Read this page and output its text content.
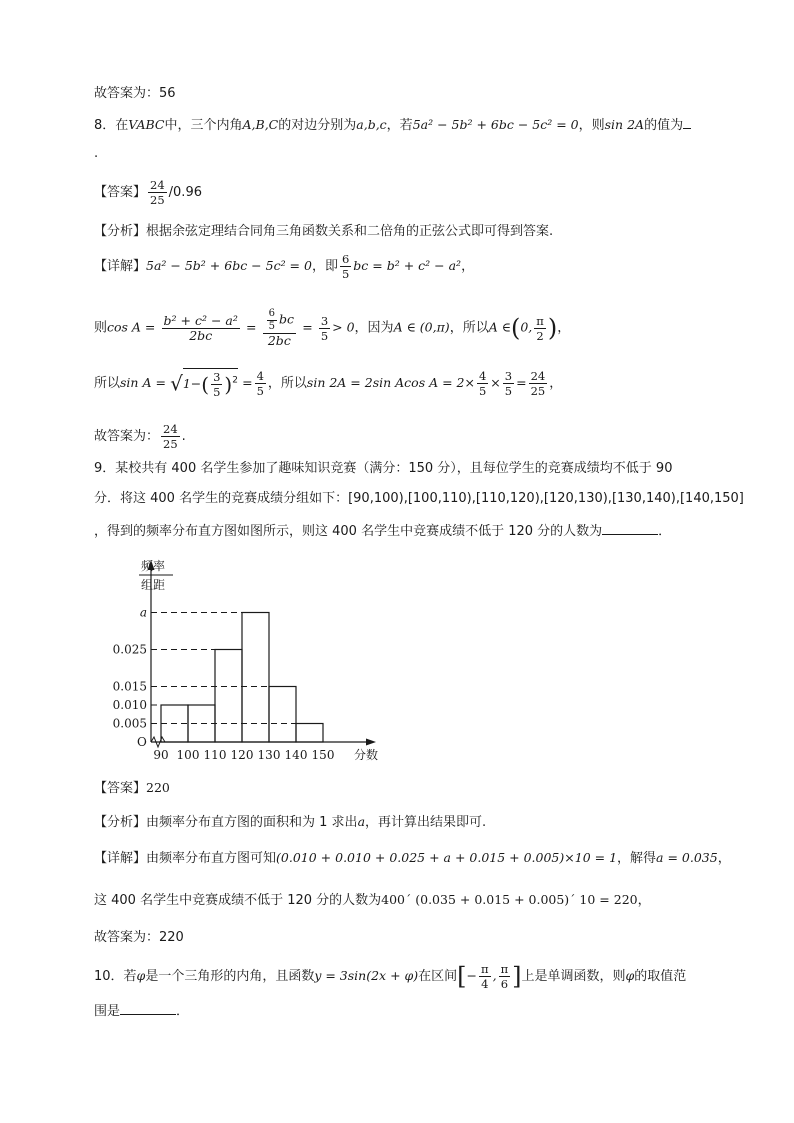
故答案为：56
8．在VABC中，三个内角A,B,C的对边分别为a,b,c，若5a² − 5b² + 6bc − 5c² = 0，则sin 2A的值为
.
【答案】 $\frac{24}{25} /0.96$
【分析】根据余弦定理结合同角三角函数关系和二倍角的正弦公式即可得到答案.
【详解】5a² − 5b² + 6bc − 5c² = 0，即 $\frac{6}{5}$ bc = b² + c² − a²，
则$\cos A = \frac{\text{b² + c² − a²}}{2bc} = \frac{\frac{6}{5} bc}{2bc} = \frac{3}{5} > 0$，因为A ∈ (0,π)，所以A ∈(0, $\frac{\pi}{2}$ )，
所以$\sin A = √1-( \frac{3}{5} )^2 = \frac{4}{5}$ ，所以sin 2A = 2sin Acos $A = 2\times \frac{4}{5} \times \frac{3}{5} = \frac{24}{25}$ ，
故答案为： $\frac{24}{25}$ .
9．某校共有 400 名学生参加了趣味知识竞赛（满分：150 分），且每位学生的竞赛成绩均不低于 90
分．将这 400 名学生的竞赛成绩分组如下：[90,100),[100,110),[110,120),[120,130),[130,140),[140,150]
，得到的频率分布直方图如图所示，则这 400 名学生中竞赛成绩不低于 120 分的人数为	．
频率
组距
O
0.005
0.010
0.015
0.025
a
90 100 110 120 130 140 150 分数
【答案】220
【分析】由频率分布直方图的面积和为 1 求出a，再计算出结果即可.
【详解】由频率分布直方图可知(0.010 + 0.010 + 0.025 + a + 0.015 + 0.005)×10 = 1，解得a = 0.035，
这 400 名学生中竞赛成绩不低于 120 分的人数为400´ (0.035 + 0.015 + 0.005)´ 10 = 220，
故答案为：220
10．若φ是一个三角形的内角，且函数y = 3sin(2x + φ)在区间[− $\frac{\pi}{4}$ , $\frac{\pi}{6}$ ]上是单调函数，则φ的取值范
围是	．
